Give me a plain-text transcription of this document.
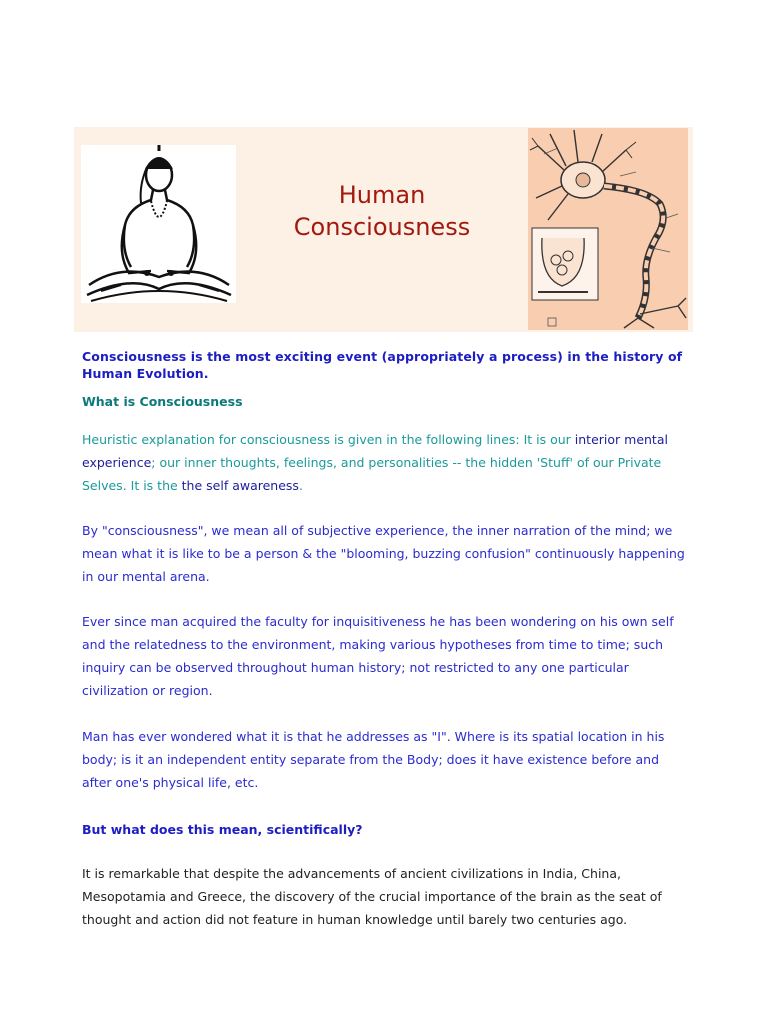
Human
Consciousness
Consciousness is the most exciting event (appropriately a process) in the history of Human Evolution.
What is Consciousness
Heuristic explanation for consciousness is given in the following lines: It is our interior mental experience; our inner thoughts, feelings, and personalities -- the hidden 'Stuff' of our Private Selves. It is the the self awareness.
By "consciousness", we mean all of subjective experience, the inner narration of the mind; we mean what it is like to be a person & the "blooming, buzzing confusion" continuously happening in our mental arena.
Ever since man acquired the faculty for inquisitiveness he has been wondering on his own self and the relatedness to the environment, making various hypotheses from time to time; such inquiry can be observed throughout human history; not restricted to any one particular civilization or region.
Man has ever wondered what it is that he addresses as "I". Where is its spatial location in his body; is it an independent entity separate from the Body; does it have existence before and after one's physical life, etc.
But what does this mean, scientifically?
It is remarkable that despite the advancements of ancient civilizations in India, China, Mesopotamia and Greece, the discovery of the crucial importance of the brain as the seat of thought and action did not feature in human knowledge until barely two centuries ago.
